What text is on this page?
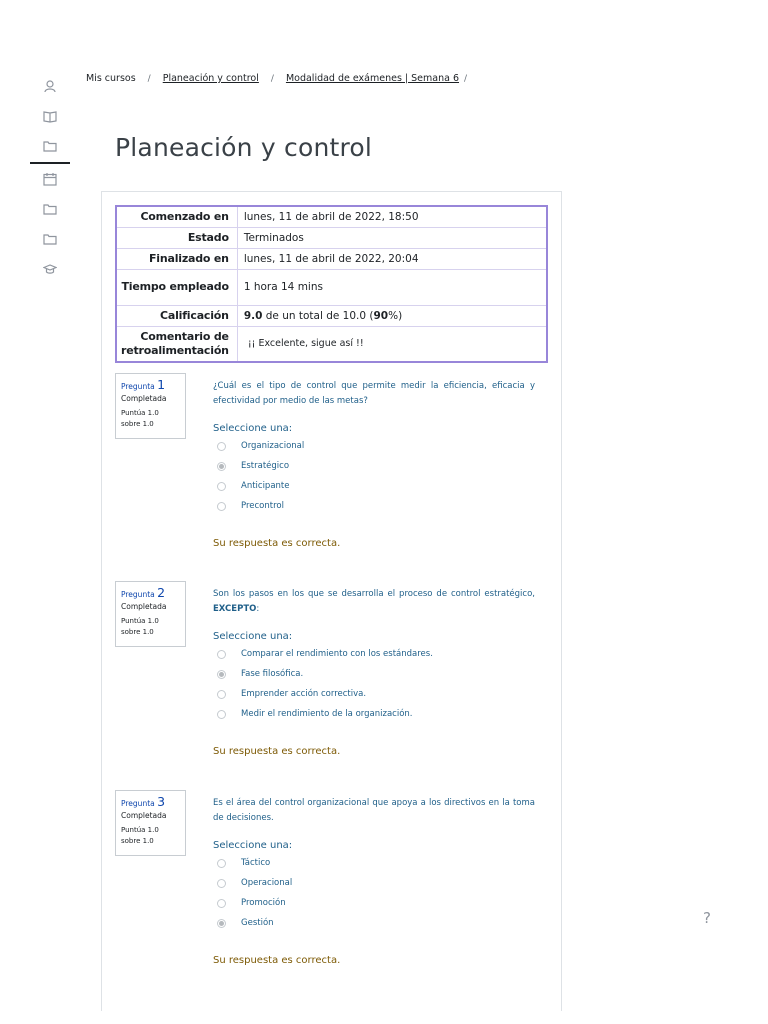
Mis cursos / Planeación y control / Modalidad de exámenes | Semana 6 /
Planeación y control
Comenzado en	lunes, 11 de abril de 2022, 18:50
Estado	Terminados
Finalizado en	lunes, 11 de abril de 2022, 20:04
Tiempo empleado	1 hora 14 mins
Calificación	9.0 de un total de 10.0 (90%)
Comentario de retroalimentación	¡¡ Excelente, sigue así !!
Pregunta 1
Completada
Puntúa 1.0
sobre 1.0
¿Cuál es el tipo de control que permite medir la eficiencia, eficacia y efectividad por medio de las metas?
Seleccione una:
Organizacional
Estratégico
Anticipante
Precontrol
Su respuesta es correcta.
Pregunta 2
Completada
Puntúa 1.0
sobre 1.0
Son los pasos en los que se desarrolla el proceso de control estratégico, EXCEPTO:
Seleccione una:
Comparar el rendimiento con los estándares.
Fase filosófica.
Emprender acción correctiva.
Medir el rendimiento de la organización.
Su respuesta es correcta.
Pregunta 3
Completada
Puntúa 1.0
sobre 1.0
Es el área del control organizacional que apoya a los directivos en la toma de decisiones.
Seleccione una:
Táctico
Operacional
Promoción
Gestión
Su respuesta es correcta.
?
